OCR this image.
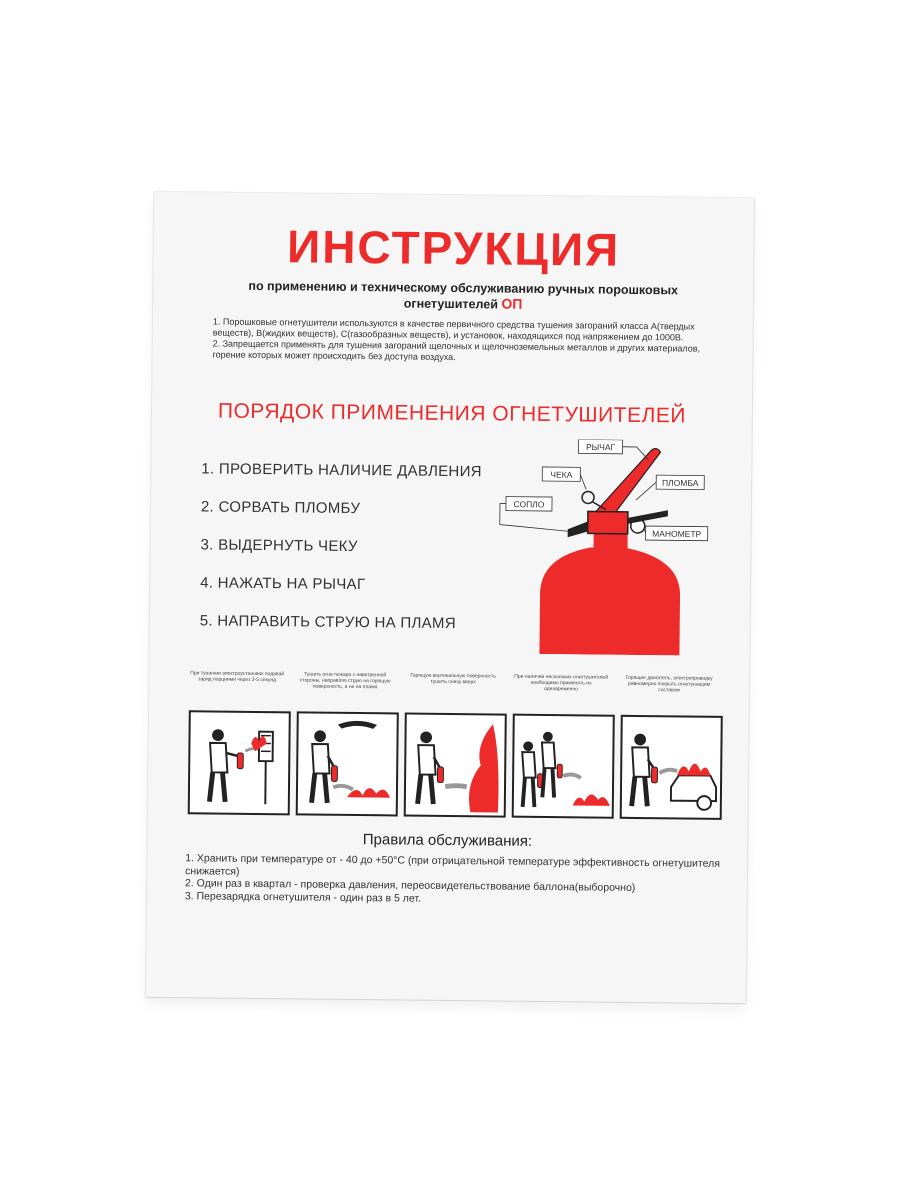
ИНСТРУКЦИЯ
по применению и техническому обслуживанию ручных порошковых огнетушителей ОП

1. Порошковые огнетушители используются в качестве первичного средства тушения загораний класса А(твердых веществ), В(жидких веществ), С(газообразных веществ), и установок, находящихся под напряжением до 1000В.

2. Запрещается применять для тушения загораний щелочных и щелочноземельных металлов и других материалов, горение которых может происходить без доступа воздуха.

ПОРЯДОК ПРИМЕНЕНИЯ ОГНЕТУШИТЕЛЕЙ
1. ПРОВЕРИТЬ НАЛИЧИЕ ДАВЛЕНИЯ
2. СОРВАТЬ ПЛОМБУ
3. ВЫДЕРНУТЬ ЧЕКУ
4. НАЖАТЬ НА РЫЧАГ
5. НАПРАВИТЬ СТРУЮ НА ПЛАМЯ
РЫЧАГ
ЧЕКА
ПЛОМБА
СОПЛО
МАНОМЕТР
При тушении электроустановок подавай заряд порциями через 3-5 секунд
Тушить огни пожара с наветренной стороны, направляя струю на горящую поверхность, а не на пламя
Горящую вертикальную поверхность тушить снизу вверх
При наличии нескольких огнетушителей необходимо применять их одновременно
Горящие двигатель, электропроводку равномерно покрыть огнетушащим составом
Правила обслуживания:

1. Хранить при температуре от - 40 до +50°С (при отрицательной температуре эффективность огнетушителя снижается)

2. Один раз в квартал - проверка давления, переосвидетельствование баллона(выборочно)

3. Перезарядка огнетушителя - один раз в 5 лет.
